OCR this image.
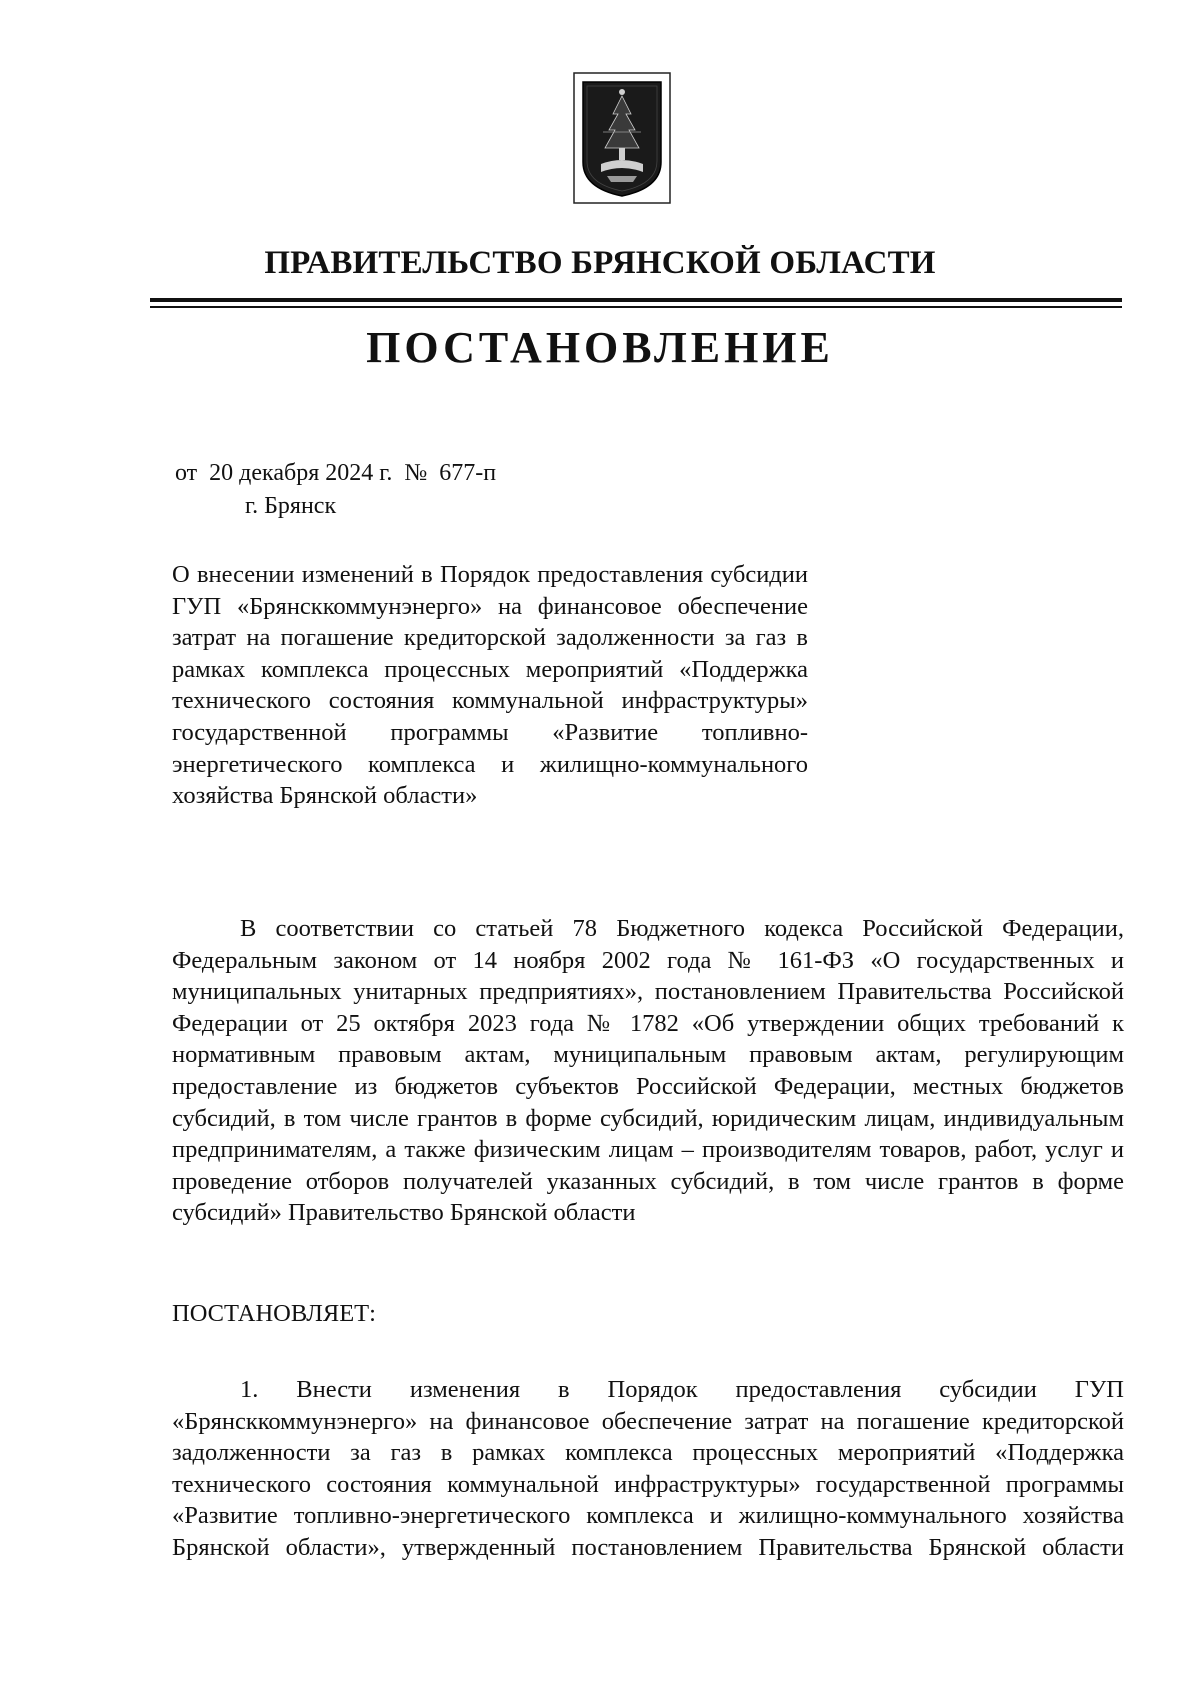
ПРАВИТЕЛЬСТВО БРЯНСКОЙ ОБЛАСТИ
ПОСТАНОВЛЕНИЕ
от  20 декабря 2024 г.  №  677-п
г. Брянск
О внесении изменений в Порядок предоставления субсидии ГУП «Брянсккоммунэнерго» на финансовое обеспечение затрат на погашение кредиторской задолженности за газ в рамках комплекса процессных мероприятий «Поддержка технического состояния коммунальной инфраструктуры» государственной программы «Развитие топливно-энергетического комплекса и жилищно-коммунального хозяйства Брянской области»
В соответствии со статьей 78 Бюджетного кодекса Российской Федерации, Федеральным законом от 14 ноября 2002 года № 161-ФЗ «О государственных и муниципальных унитарных предприятиях», постановлением Правительства Российской Федерации от 25 октября 2023 года № 1782 «Об утверждении общих требований к нормативным правовым актам, муниципальным правовым актам, регулирующим предоставление из бюджетов субъектов Российской Федерации, местных бюджетов субсидий, в том числе грантов в форме субсидий, юридическим лицам, индивидуальным предпринимателям, а также физическим лицам – производителям товаров, работ, услуг и проведение отборов получателей указанных субсидий, в том числе грантов в форме субсидий» Правительство Брянской области
ПОСТАНОВЛЯЕТ:
1. Внести изменения в Порядок предоставления субсидии ГУП «Брянсккоммунэнерго» на финансовое обеспечение затрат на погашение кредиторской задолженности за газ в рамках комплекса процессных мероприятий «Поддержка технического состояния коммунальной инфраструктуры» государственной программы «Развитие топливно-энергетического комплекса и жилищно-коммунального хозяйства Брянской области», утвержденный постановлением Правительства Брянской области
